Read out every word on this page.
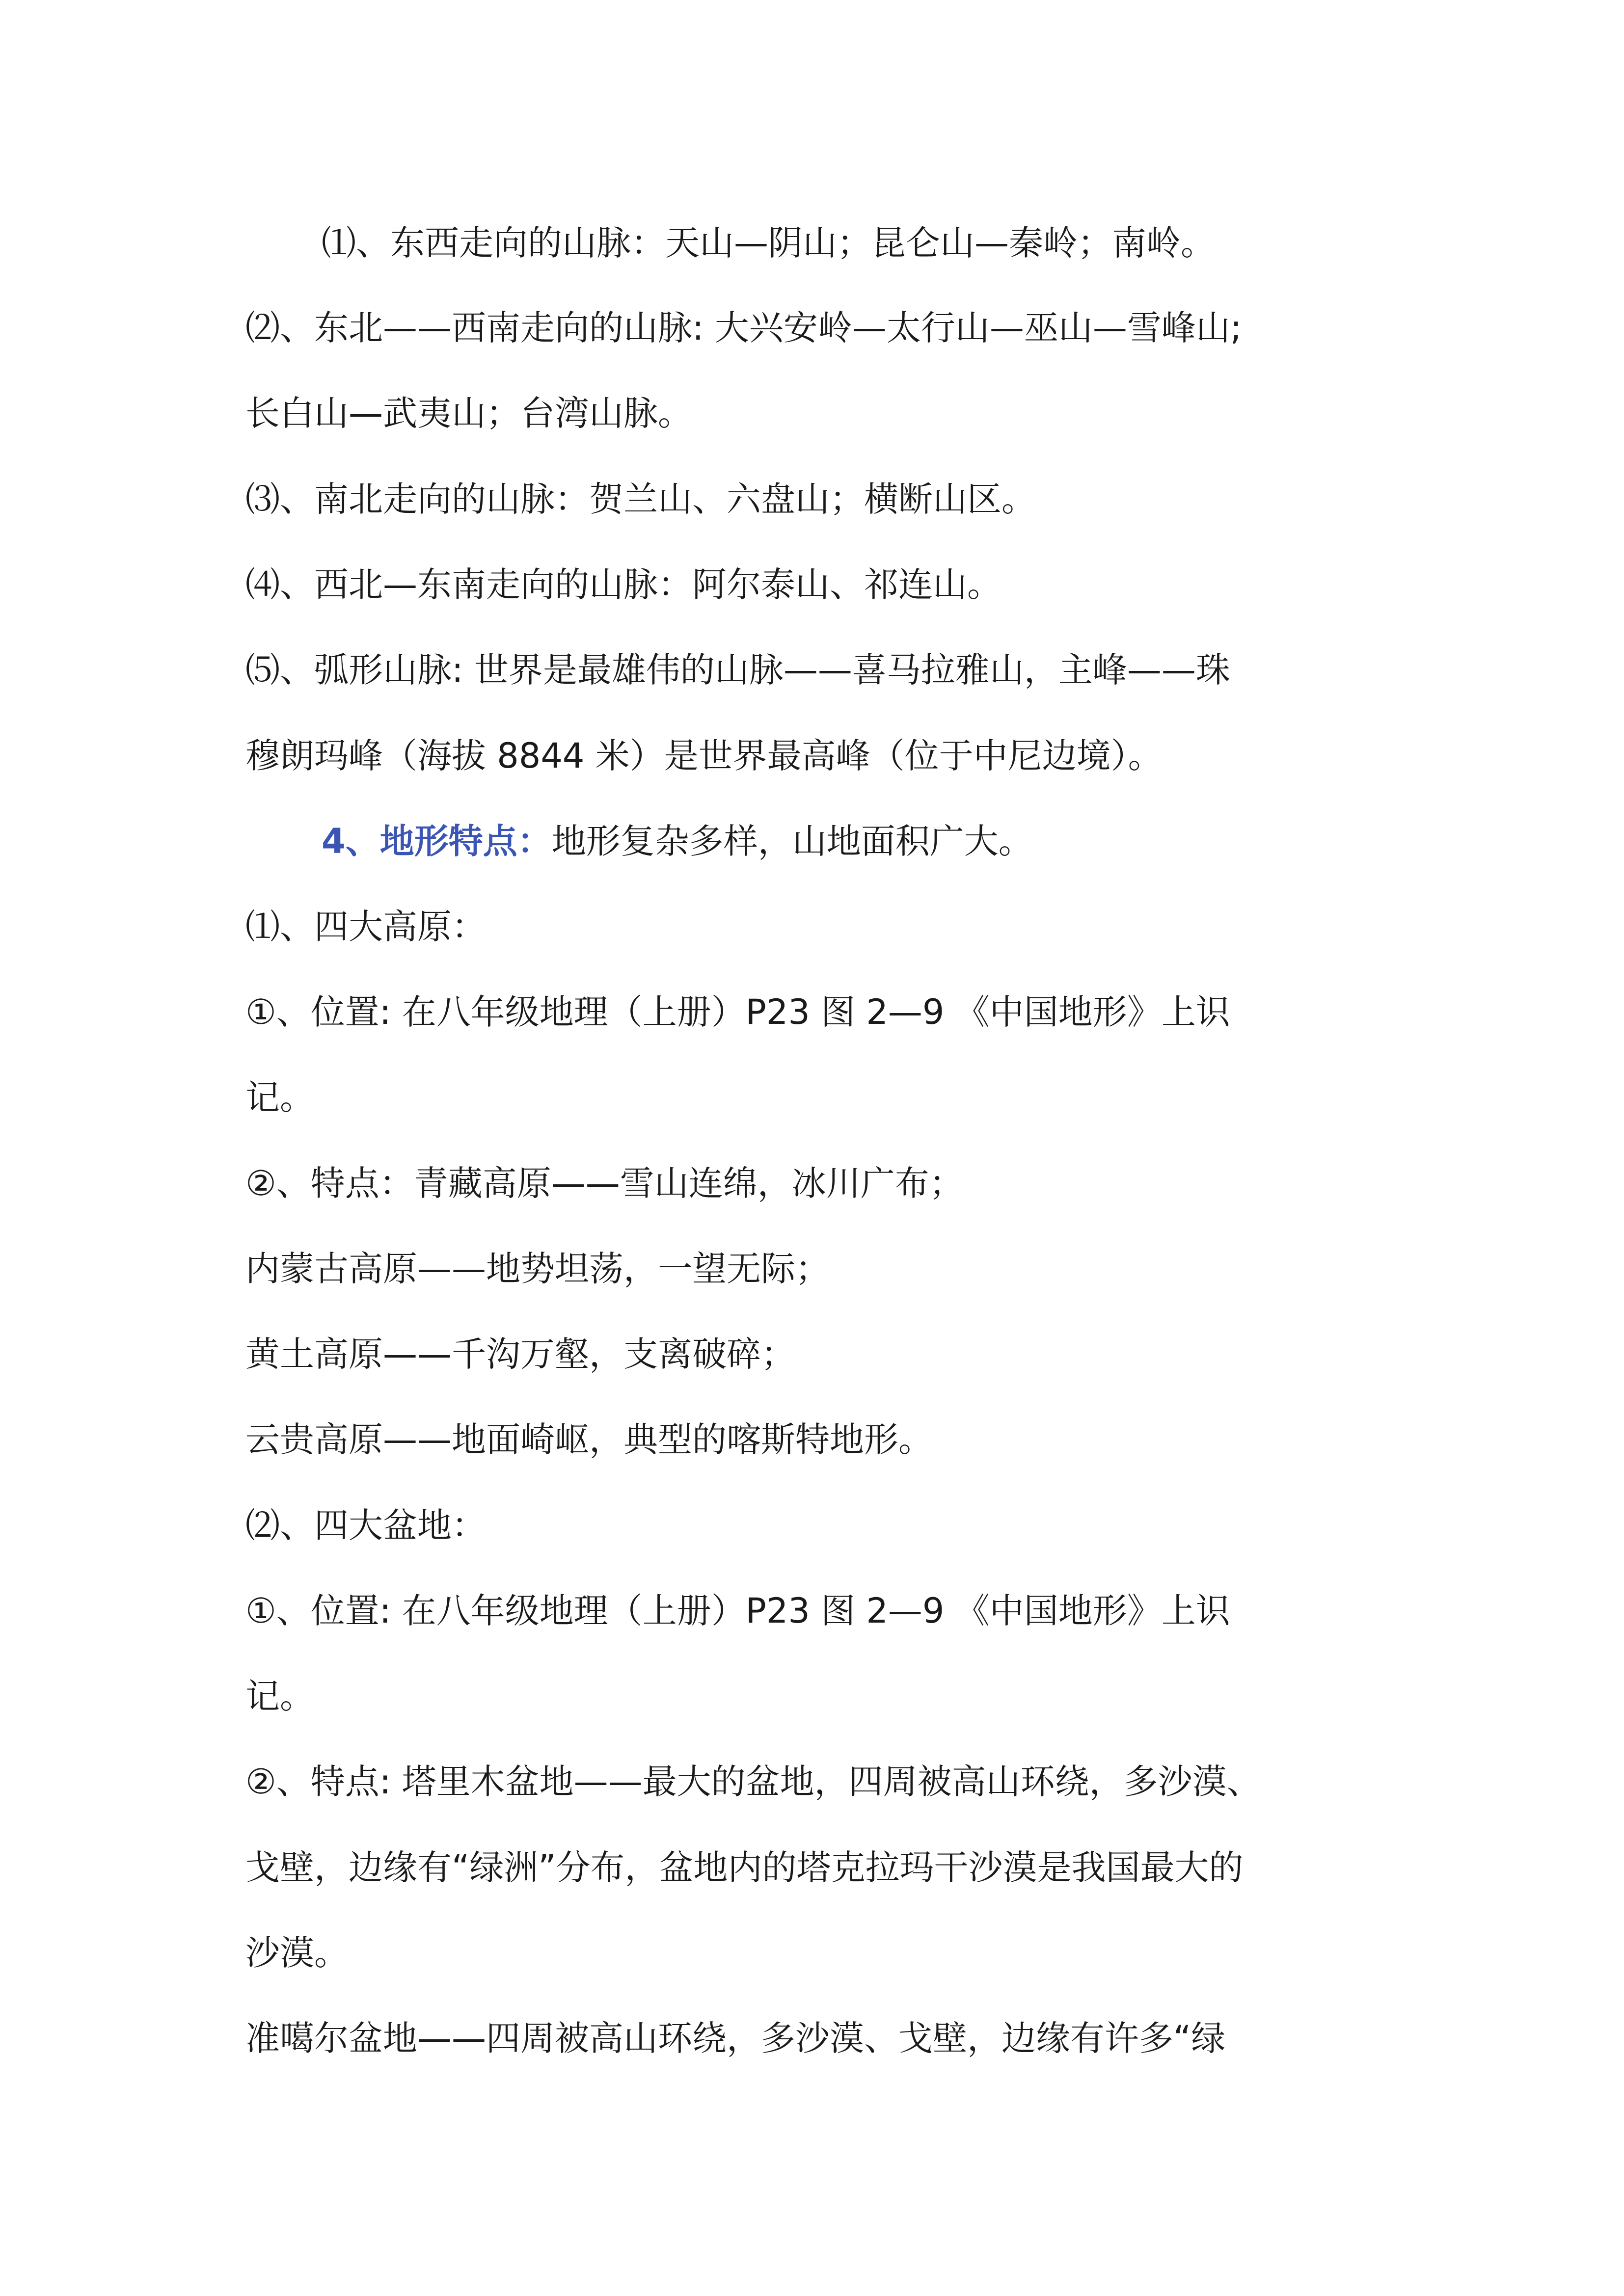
⑴、东西走向的山脉：天山—阴山；昆仑山—秦岭；南岭。
⑵、东北——西南走向的山脉: 大兴安岭—太行山—巫山—雪峰山;
长白山—武夷山；台湾山脉。
⑶、南北走向的山脉：贺兰山、六盘山；横断山区。
⑷、西北—东南走向的山脉：阿尔泰山、祁连山。
⑸、弧形山脉: 世界是最雄伟的山脉——喜马拉雅山，主峰——珠
穆朗玛峰（海拔 8844 米）是世界最高峰（位于中尼边境）。
4、地形特点：地形复杂多样，山地面积广大。
⑴、四大高原：
①、位置: 在八年级地理（上册）P23 图 2—9 《中国地形》上识
记。
②、特点：青藏高原——雪山连绵，冰川广布；
内蒙古高原——地势坦荡，一望无际；
黄土高原——千沟万壑，支离破碎；
云贵高原——地面崎岖，典型的喀斯特地形。
⑵、四大盆地：
①、位置: 在八年级地理（上册）P23 图 2—9 《中国地形》上识
记。
②、特点: 塔里木盆地——最大的盆地，四周被高山环绕，多沙漠、
戈壁，边缘有“绿洲”分布，盆地内的塔克拉玛干沙漠是我国最大的
沙漠。
准噶尔盆地——四周被高山环绕，多沙漠、戈壁，边缘有许多“绿
